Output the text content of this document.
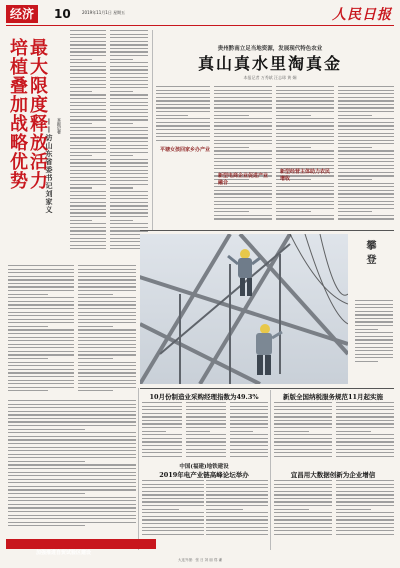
经济	10	2019年11月1日 星期五	人民日报
培植叠加战略优势 最大限度释放活力
——访山东省委书记刘家义 本报记者
贵州黔南立足当地资源，发展现代特色农业
真山真水里淘真金
本报记者 万秀斌 汪志球 黄 娴
平塘女孩回家乡办产业
新型电商企业促进产业融合
新型经营主体助力农民增收
攀登
10月份制造业采购经理指数为49.3%	新版全国纳税服务规范11月起实施
中国(福建)地铁建设
2019年电产业链高峰论坛举办	宜昌用大数据创新为企业增信
加强推进自贸试验区建设
大连外援：张 日 刘 朋 郑 谦
